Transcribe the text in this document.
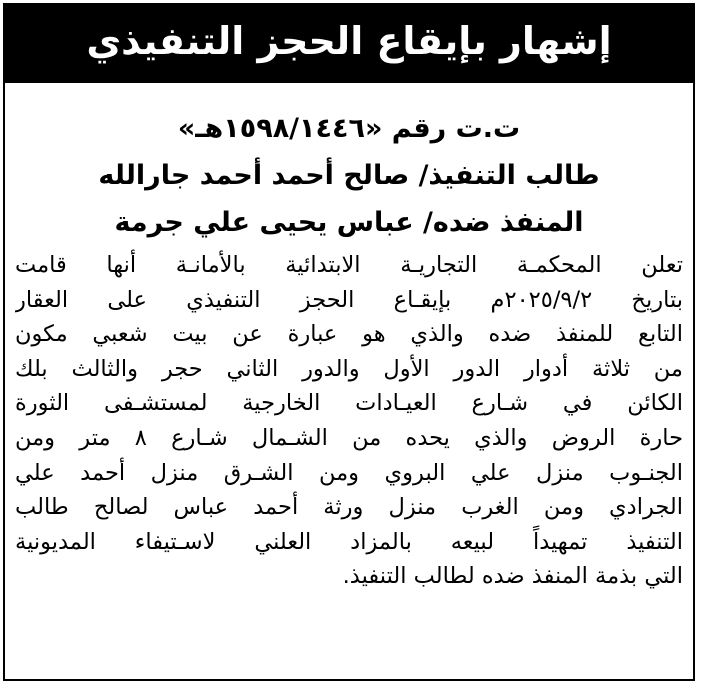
إشهار بإيقاع الحجز التنفيذي
ت.ت رقم «١٥٩٨/١٤٤٦هـ»
طالب التنفيذ/ صالح أحمد أحمد جارالله
المنفذ ضده/ عباس يحيى علي جرمة
تعلن المحكمـة التجاريـة الابتدائية بالأمانـة أنها قامت
بتاريخ ٢٠٢٥/٩/٢م بإيقـاع الحجز التنفيذي على العقار
التابع للمنفذ ضده والذي هو عبارة عن بيت شعبي مكون
من ثلاثة أدوار الدور الأول والدور الثاني حجر والثالث بلك
الكائن في شـارع العيـادات الخارجية لمستشـفى الثورة
حارة الروض والذي يحده من الشـمال شـارع ٨ متر ومن
الجنـوب منزل علي البروي ومن الشـرق منزل أحمد علي
الجرادي ومن الغرب منزل ورثة أحمد عباس لصالح طالب
التنفيذ تمهيداً لبيعه بالمزاد العلني لاسـتيفاء المديونية
التي بذمة المنفذ ضده لطالب التنفيذ.
